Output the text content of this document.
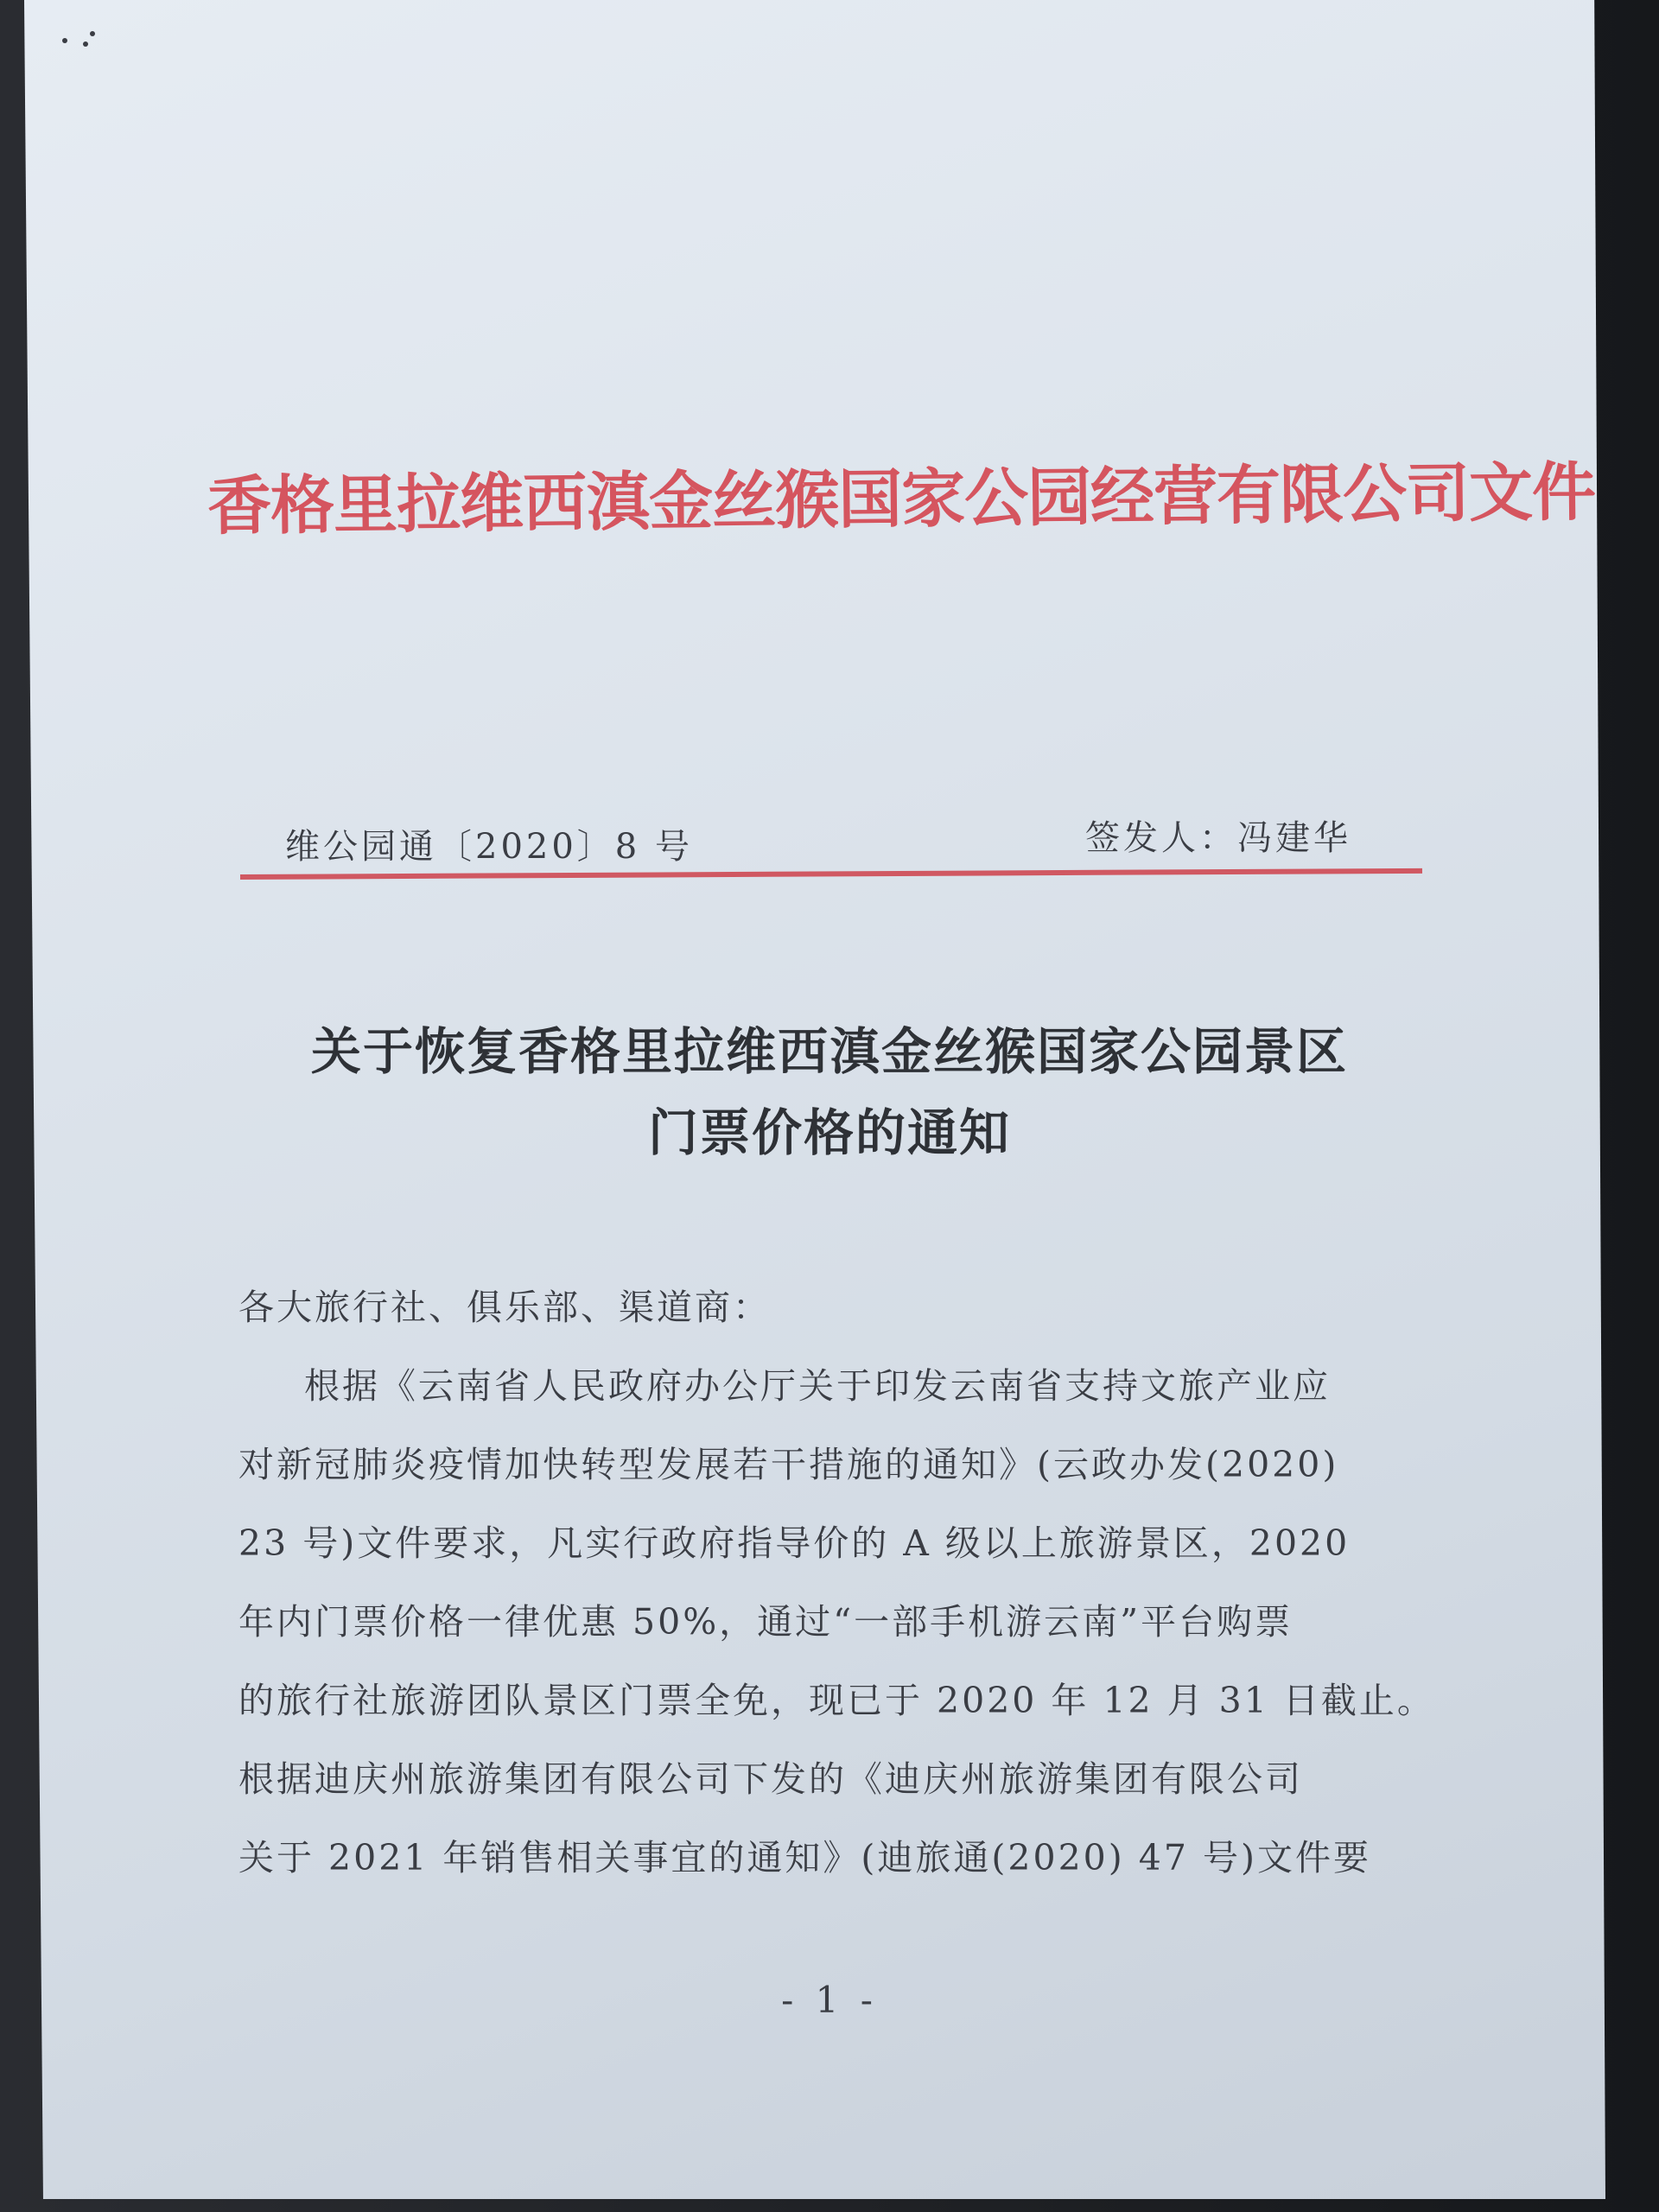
香格里拉维西滇金丝猴国家公园经营有限公司文件
维公园通〔2020〕8 号	签发人：冯建华
关于恢复香格里拉维西滇金丝猴国家公园景区
门票价格的通知
各大旅行社、俱乐部、渠道商：
根据《云南省人民政府办公厅关于印发云南省支持文旅产业应
对新冠肺炎疫情加快转型发展若干措施的通知》(云政办发(2020)
23 号)文件要求，凡实行政府指导价的 A 级以上旅游景区，2020
年内门票价格一律优惠 50%，通过“一部手机游云南”平台购票
的旅行社旅游团队景区门票全免，现已于 2020 年 12 月 31 日截止。
根据迪庆州旅游集团有限公司下发的《迪庆州旅游集团有限公司
关于 2021 年销售相关事宜的通知》(迪旅通(2020) 47 号)文件要
- 1 -
